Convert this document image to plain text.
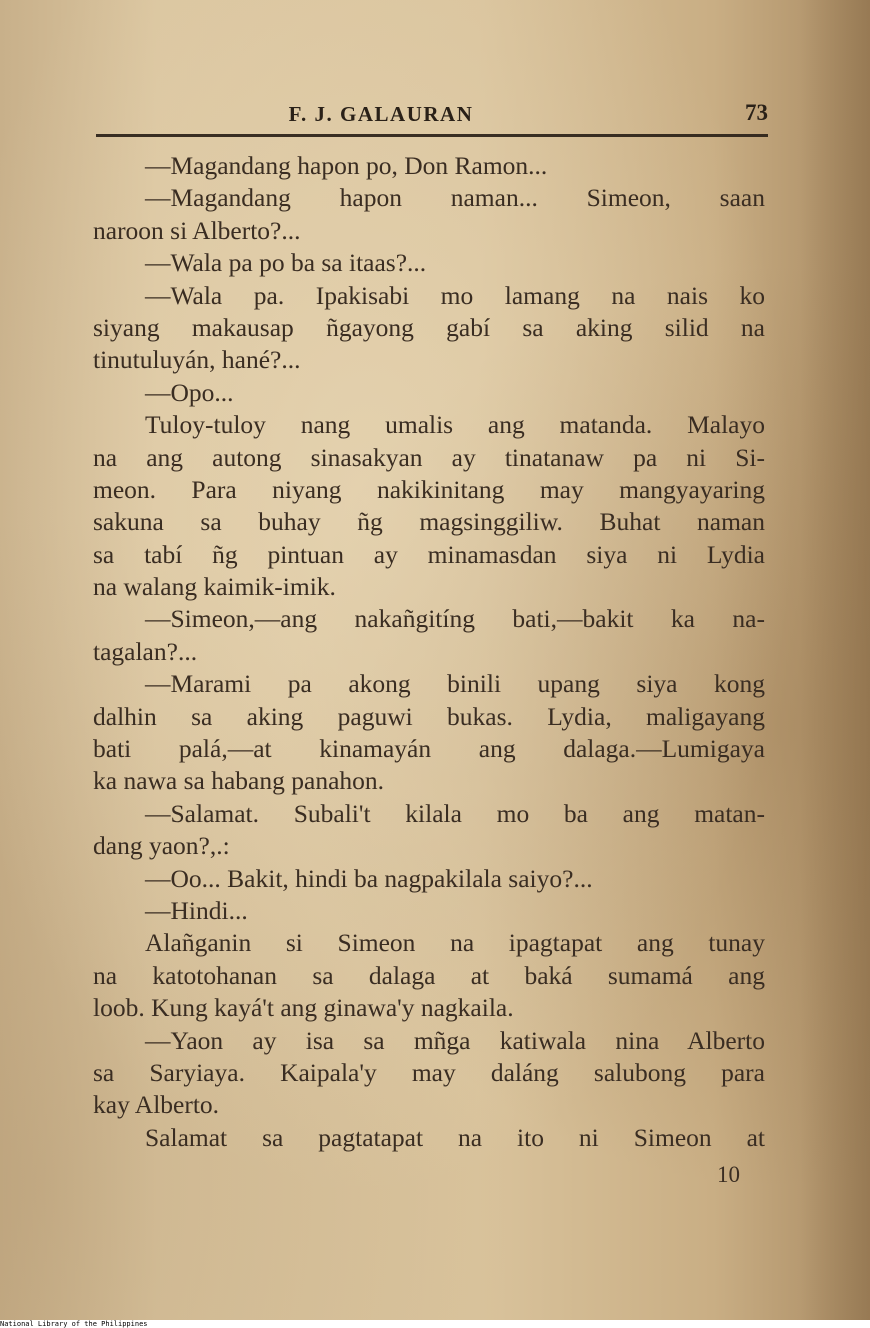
F. J. GALAURAN	73
—Magandang hapon po, Don Ramon...
—Magandang hapon naman... Simeon, saan
naroon si Alberto?...
—Wala pa po ba sa itaas?...
—Wala pa. Ipakisabi mo lamang na nais ko
siyang makausap ñgayong gabí sa aking silid na
tinutuluyán, hané?...
—Opo...
Tuloy-tuloy nang umalis ang matanda. Malayo
na ang autong sinasakyan ay tinatanaw pa ni Si-
meon. Para niyang nakikinitang may mangyayaring
sakuna sa buhay ñg magsinggiliw. Buhat naman
sa tabí ñg pintuan ay minamasdan siya ni Lydia
na walang kaimik-imik.
—Simeon,—ang nakañgitíng bati,—bakit ka na-
tagalan?...
—Marami pa akong binili upang siya kong
dalhin sa aking paguwi bukas. Lydia, maligayang
bati palá,—at kinamayán ang dalaga.—Lumigaya
ka nawa sa habang panahon.
—Salamat. Subali't kilala mo ba ang matan-
dang yaon?,.:
—Oo... Bakit, hindi ba nagpakilala saiyo?...
—Hindi...
Alañganin si Simeon na ipagtapat ang tunay
na katotohanan sa dalaga at baká sumamá ang
loob. Kung kayá't ang ginawa'y nagkaila.
—Yaon ay isa sa mñga katiwala nina Alberto
sa Saryiaya. Kaipala'y may daláng salubong para
kay Alberto.
Salamat sa pagtatapat na ito ni Simeon at
10
National Library of the Philippines
